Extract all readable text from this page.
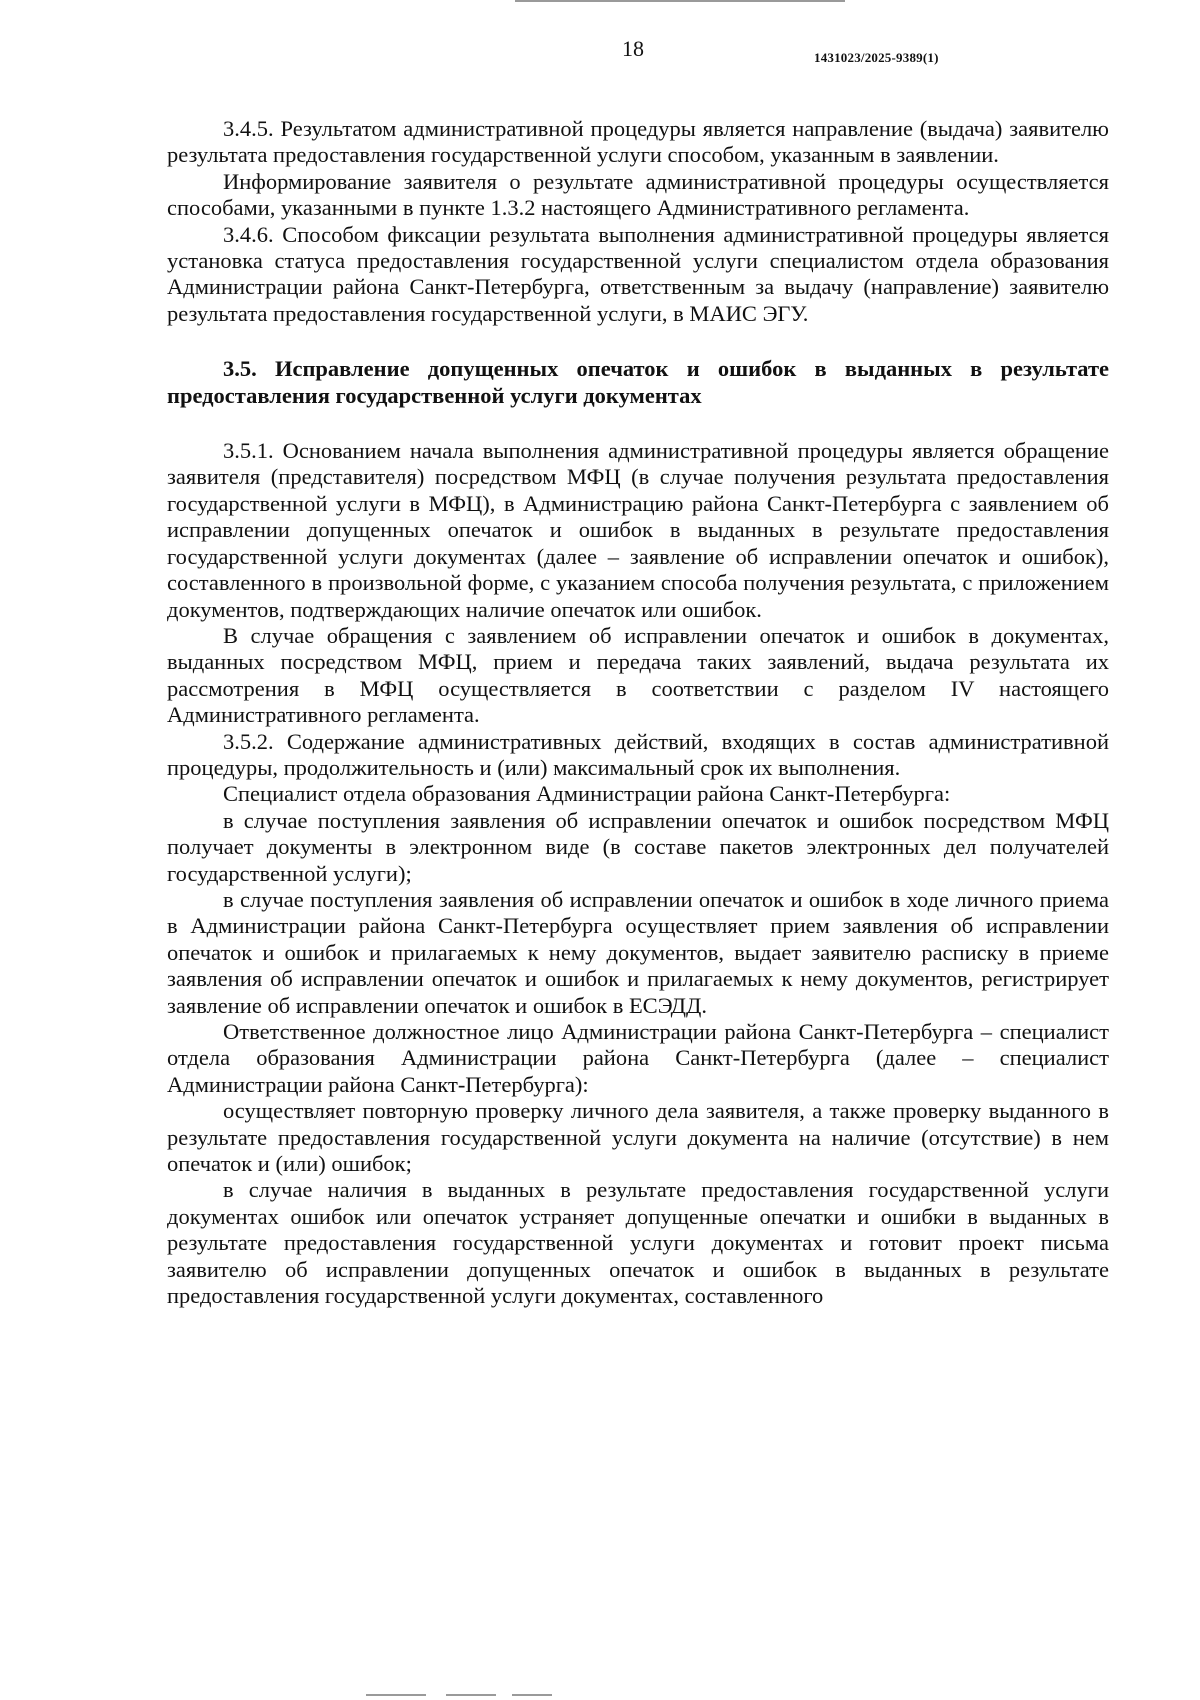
18	1431023/2025-9389(1)

3.4.5. Результатом административной процедуры является направление (выдача) заявителю результата предоставления государственной услуги способом, указанным в заявлении.

Информирование заявителя о результате административной процедуры осуществляется способами, указанными в пункте 1.3.2 настоящего Административного регламента.

3.4.6. Способом фиксации результата выполнения административной процедуры является установка статуса предоставления государственной услуги специалистом отдела образования Администрации района Санкт-Петербурга, ответственным за выдачу (направление) заявителю результата предоставления государственной услуги, в МАИС ЭГУ.

3.5. Исправление допущенных опечаток и ошибок в выданных в результате предоставления государственной услуги документах

3.5.1. Основанием начала выполнения административной процедуры является обращение заявителя (представителя) посредством МФЦ (в случае получения результата предоставления государственной услуги в МФЦ), в Администрацию района Санкт-Петербурга с заявлением об исправлении допущенных опечаток и ошибок в выданных в результате предоставления государственной услуги документах (далее – заявление об исправлении опечаток и ошибок), составленного в произвольной форме, с указанием способа получения результата, с приложением документов, подтверждающих наличие опечаток или ошибок.

В случае обращения с заявлением об исправлении опечаток и ошибок в документах, выданных посредством МФЦ, прием и передача таких заявлений, выдача результата их рассмотрения в МФЦ осуществляется в соответствии с разделом IV настоящего Административного регламента.

3.5.2. Содержание административных действий, входящих в состав административной процедуры, продолжительность и (или) максимальный срок их выполнения.

Специалист отдела образования Администрации района Санкт-Петербурга:

в случае поступления заявления об исправлении опечаток и ошибок посредством МФЦ получает документы в электронном виде (в составе пакетов электронных дел получателей государственной услуги);

в случае поступления заявления об исправлении опечаток и ошибок в ходе личного приема в Администрации района Санкт-Петербурга осуществляет прием заявления об исправлении опечаток и ошибок и прилагаемых к нему документов, выдает заявителю расписку в приеме заявления об исправлении опечаток и ошибок и прилагаемых к нему документов, регистрирует заявление об исправлении опечаток и ошибок в ЕСЭДД.

Ответственное должностное лицо Администрации района Санкт-Петербурга – специалист отдела образования Администрации района Санкт-Петербурга (далее – специалист Администрации района Санкт-Петербурга):

осуществляет повторную проверку личного дела заявителя, а также проверку выданного в результате предоставления государственной услуги документа на наличие (отсутствие) в нем опечаток и (или) ошибок;

в случае наличия в выданных в результате предоставления государственной услуги документах ошибок или опечаток устраняет допущенные опечатки и ошибки в выданных в результате предоставления государственной услуги документах и готовит проект письма заявителю об исправлении допущенных опечаток и ошибок в выданных в результате предоставления государственной услуги документах, составленного
